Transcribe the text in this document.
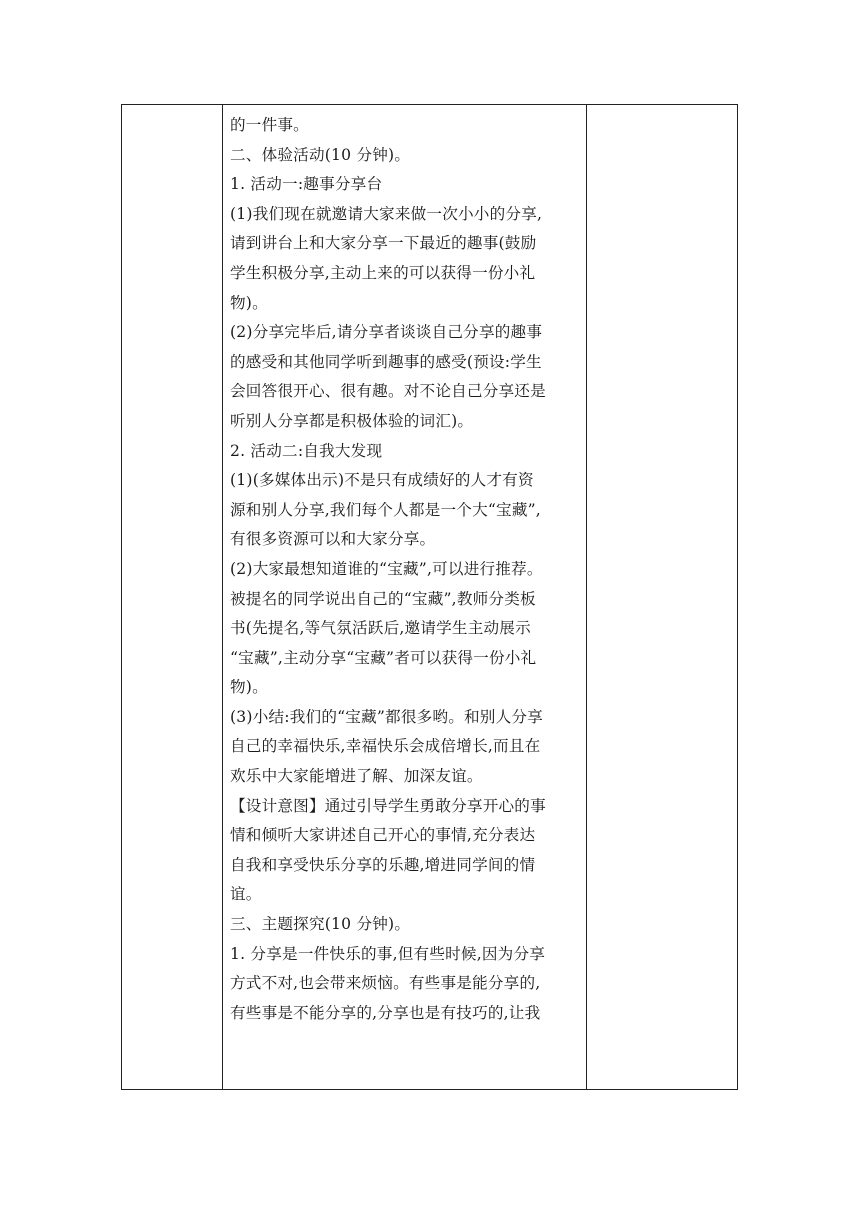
的一件事。
二、体验活动(10 分钟)。
1. 活动一:趣事分享台
(1)我们现在就邀请大家来做一次小小的分享,
请到讲台上和大家分享一下最近的趣事(鼓励
学生积极分享,主动上来的可以获得一份小礼
物)。
(2)分享完毕后,请分享者谈谈自己分享的趣事
的感受和其他同学听到趣事的感受(预设:学生
会回答很开心、很有趣。对不论自己分享还是
听别人分享都是积极体验的词汇)。
2. 活动二:自我大发现
(1)(多媒体出示)不是只有成绩好的人才有资
源和别人分享,我们每个人都是一个大“宝藏”,
有很多资源可以和大家分享。
(2)大家最想知道谁的“宝藏”,可以进行推荐。
被提名的同学说出自己的“宝藏”,教师分类板
书(先提名,等气氛活跃后,邀请学生主动展示
“宝藏”,主动分享“宝藏”者可以获得一份小礼
物)。
(3)小结:我们的“宝藏”都很多哟。和别人分享
自己的幸福快乐,幸福快乐会成倍增长,而且在
欢乐中大家能增进了解、加深友谊。
【设计意图】通过引导学生勇敢分享开心的事
情和倾听大家讲述自己开心的事情,充分表达
自我和享受快乐分享的乐趣,增进同学间的情
谊。
三、主题探究(10 分钟)。
1. 分享是一件快乐的事,但有些时候,因为分享
方式不对,也会带来烦恼。有些事是能分享的,
有些事是不能分享的,分享也是有技巧的,让我
